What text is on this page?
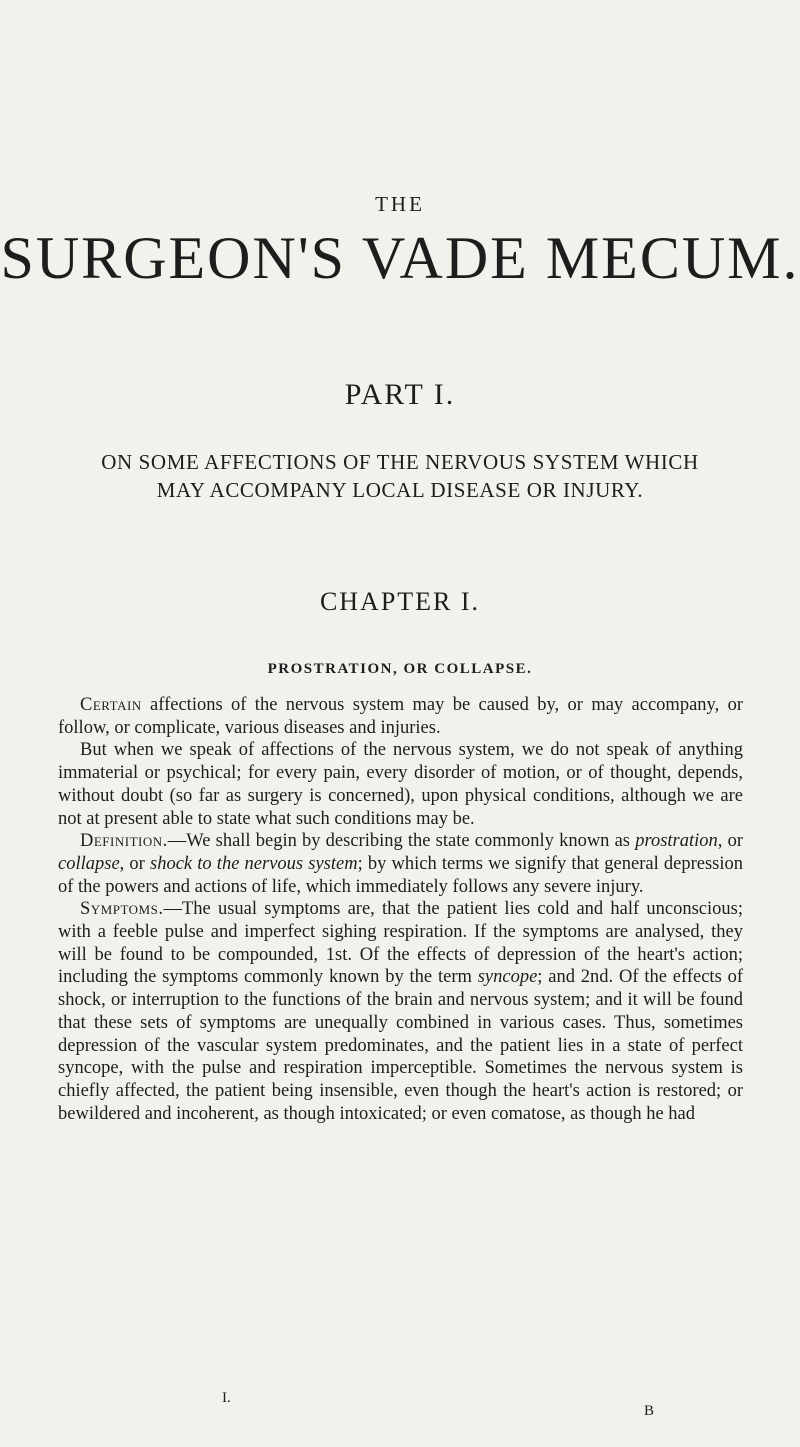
THE
SURGEON'S VADE MECUM.
PART I.
ON SOME AFFECTIONS OF THE NERVOUS SYSTEM WHICH MAY ACCOMPANY LOCAL DISEASE OR INJURY.
CHAPTER I.
PROSTRATION, OR COLLAPSE.

Certain affections of the nervous system may be caused by, or may accompany, or follow, or complicate, various diseases and injuries.

But when we speak of affections of the nervous system, we do not speak of anything immaterial or psychical; for every pain, every disorder of motion, or of thought, depends, without doubt (so far as surgery is concerned), upon physical conditions, although we are not at present able to state what such conditions may be.

Definition.—We shall begin by describing the state commonly known as prostration, or collapse, or shock to the nervous system; by which terms we signify that general depression of the powers and actions of life, which immediately follows any severe injury.

Symptoms.—The usual symptoms are, that the patient lies cold and half unconscious; with a feeble pulse and imperfect sighing respiration. If the symptoms are analysed, they will be found to be compounded, 1st. Of the effects of depression of the heart's action; including the symptoms commonly known by the term syncope; and 2nd. Of the effects of shock, or interruption to the functions of the brain and nervous system; and it will be found that these sets of symptoms are unequally combined in various cases. Thus, sometimes depression of the vascular system predominates, and the patient lies in a state of perfect syncope, with the pulse and respiration imperceptible. Sometimes the nervous system is chiefly affected, the patient being insensible, even though the heart's action is restored; or bewildered and incoherent, as though intoxicated; or even comatose, as though he had

I.
B
